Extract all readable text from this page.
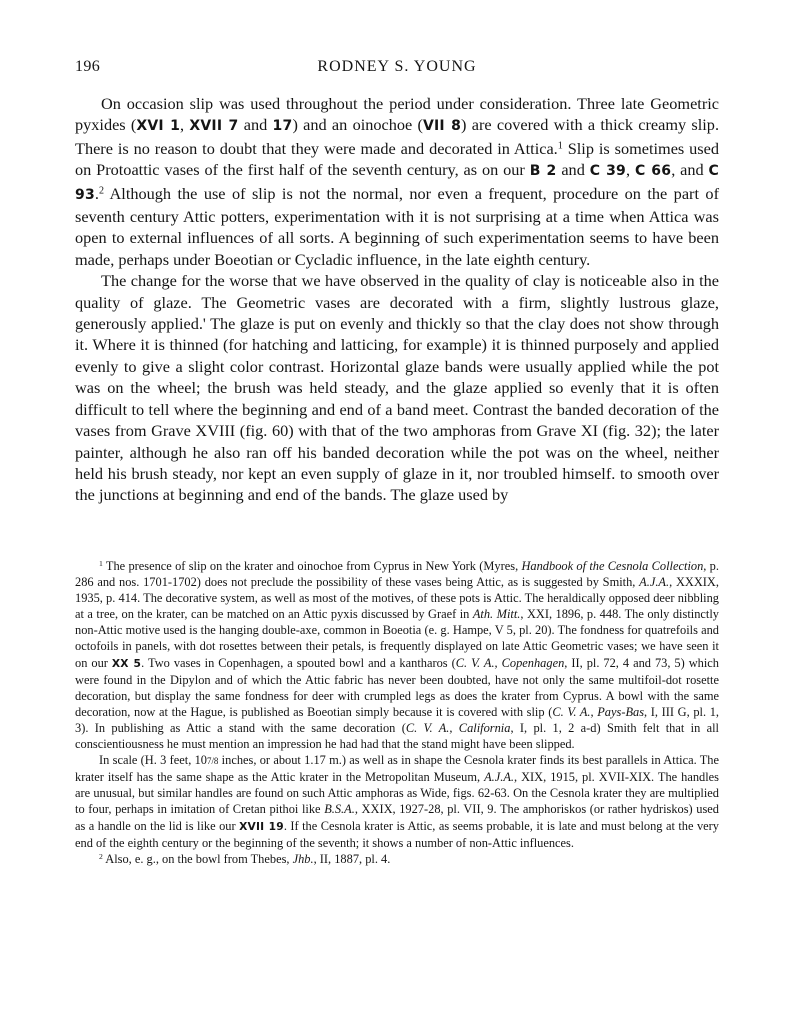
196	RODNEY S. YOUNG

On occasion slip was used throughout the period under consideration. Three late Geometric pyxides (XVI 1, XVII 7 and 17) and an oinochoe (VII 8) are covered with a thick creamy slip. There is no reason to doubt that they were made and decorated in Attica.$^1$ Slip is sometimes used on Protoattic vases of the first half of the seventh century, as on our B 2 and C 39, C 66, and C 93.$^2$ Although the use of slip is not the normal, nor even a frequent, procedure on the part of seventh century Attic potters, experimentation with it is not surprising at a time when Attica was open to external influences of all sorts. A beginning of such experimentation seems to have been made, perhaps under Boeotian or Cycladic influence, in the late eighth century.

The change for the worse that we have observed in the quality of clay is noticeable also in the quality of glaze. The Geometric vases are decorated with a firm, slightly lustrous glaze, generously applied.' The glaze is put on evenly and thickly so that the clay does not show through it. Where it is thinned (for hatching and latticing, for example) it is thinned purposely and applied evenly to give a slight color contrast. Horizontal glaze bands were usually applied while the pot was on the wheel; the brush was held steady, and the glaze applied so evenly that it is often difficult to tell where the beginning and end of a band meet. Contrast the banded decoration of the vases from Grave XVIII (fig. 60) with that of the two amphoras from Grave XI (fig. 32); the later painter, although he also ran off his banded decoration while the pot was on the wheel, neither held his brush steady, nor kept an even supply of glaze in it, nor troubled himself. to smooth over the junctions at beginning and end of the bands. The glaze used by

$^1$ The presence of slip on the krater and oinochoe from Cyprus in New York (Myres, Handbook of the Cesnola Collection, p. 286 and nos. 1701-1702) does not preclude the possibility of these vases being Attic, as is suggested by Smith, A.J.A., XXXIX, 1935, p. 414. The decorative system, as well as most of the motives, of these pots is Attic. The heraldically opposed deer nibbling at a tree, on the krater, can be matched on an Attic pyxis discussed by Graef in Ath. Mitt., XXI, 1896, p. 448. The only distinctly non-Attic motive used is the hanging double-axe, common in Boeotia (e. g. Hampe, V 5, pl. 20). The fondness for quatrefoils and octofoils in panels, with dot rosettes between their petals, is frequently displayed on late Attic Geometric vases; we have seen it on our XX 5. Two vases in Copenhagen, a spouted bowl and a kantharos (C. V. A., Copenhagen, II, pl. 72, 4 and 73, 5) which were found in the Dipylon and of which the Attic fabric has never been doubted, have not only the same multifoil-dot rosette decoration, but display the same fondness for deer with crumpled legs as does the krater from Cyprus. A bowl with the same decoration, now at the Hague, is published as Boeotian simply because it is covered with slip (C. V. A., Pays-Bas, I, III G, pl. 1, 3). In publishing as Attic a stand with the same decoration (C. V. A., California, I, pl. 1, 2 a-d) Smith felt that in all conscientiousness he must mention an impression he had had that the stand might have been slipped.

In scale (H. 3 feet, 107/8 inches, or about 1.17 m.) as well as in shape the Cesnola krater finds its best parallels in Attica. The krater itself has the same shape as the Attic krater in the Metropolitan Museum, A.J.A., XIX, 1915, pl. XVII-XIX. The handles are unusual, but similar handles are found on such Attic amphoras as Wide, figs. 62-63. On the Cesnola krater they are multiplied to four, perhaps in imitation of Cretan pithoi like B.S.A., XXIX, 1927-28, pl. VII, 9. The amphoriskos (or rather hydriskos) used as a handle on the lid is like our XVII 19. If the Cesnola krater is Attic, as seems probable, it is late and must belong at the very end of the eighth century or the beginning of the seventh; it shows a number of non-Attic influences.

$^2$ Also, e. g., on the bowl from Thebes, Jhb., II, 1887, pl. 4.
